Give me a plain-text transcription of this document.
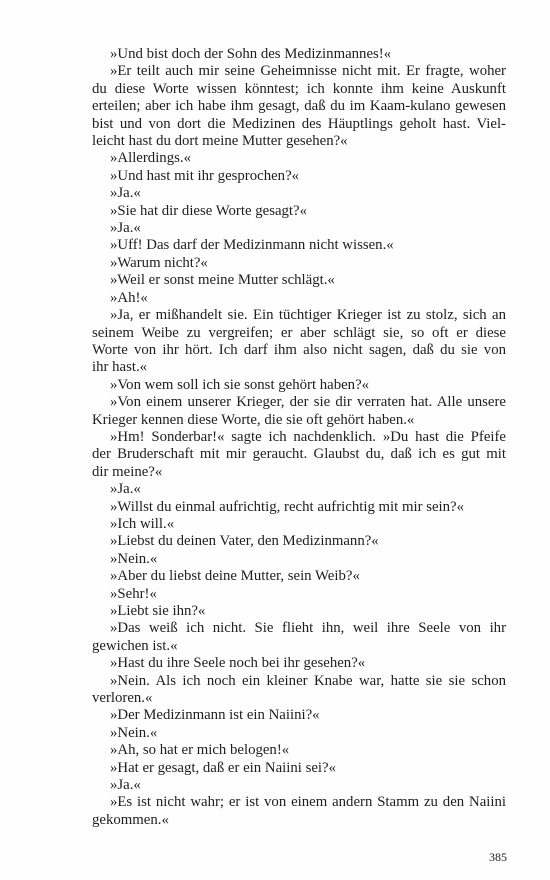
»Und bist doch der Sohn des Medizinmannes!«
»Er teilt auch mir seine Geheimnisse nicht mit. Er fragte, woher
du diese Worte wissen könntest; ich konnte ihm keine Auskunft
erteilen; aber ich habe ihm gesagt, daß du im Kaam-kulano gewesen
bist und von dort die Medizinen des Häuptlings geholt hast. Viel-
leicht hast du dort meine Mutter gesehen?«
»Allerdings.«
»Und hast mit ihr gesprochen?«
»Ja.«
»Sie hat dir diese Worte gesagt?«
»Ja.«
»Uff! Das darf der Medizinmann nicht wissen.«
»Warum nicht?«
»Weil er sonst meine Mutter schlägt.«
»Ah!«
»Ja, er mißhandelt sie. Ein tüchtiger Krieger ist zu stolz, sich an
seinem Weibe zu vergreifen; er aber schlägt sie, so oft er diese
Worte von ihr hört. Ich darf ihm also nicht sagen, daß du sie von
ihr hast.«
»Von wem soll ich sie sonst gehört haben?«
»Von einem unserer Krieger, der sie dir verraten hat. Alle unsere
Krieger kennen diese Worte, die sie oft gehört haben.«
»Hm! Sonderbar!« sagte ich nachdenklich. »Du hast die Pfeife
der Bruderschaft mit mir geraucht. Glaubst du, daß ich es gut mit
dir meine?«
»Ja.«
»Willst du einmal aufrichtig, recht aufrichtig mit mir sein?«
»Ich will.«
»Liebst du deinen Vater, den Medizinmann?«
»Nein.«
»Aber du liebst deine Mutter, sein Weib?«
»Sehr!«
»Liebt sie ihn?«
»Das weiß ich nicht. Sie flieht ihn, weil ihre Seele von ihr
gewichen ist.«
»Hast du ihre Seele noch bei ihr gesehen?«
»Nein. Als ich noch ein kleiner Knabe war, hatte sie sie schon
verloren.«
»Der Medizinmann ist ein Naiini?«
»Nein.«
»Ah, so hat er mich belogen!«
»Hat er gesagt, daß er ein Naiini sei?«
»Ja.«
»Es ist nicht wahr; er ist von einem andern Stamm zu den Naiini
gekommen.«
385
